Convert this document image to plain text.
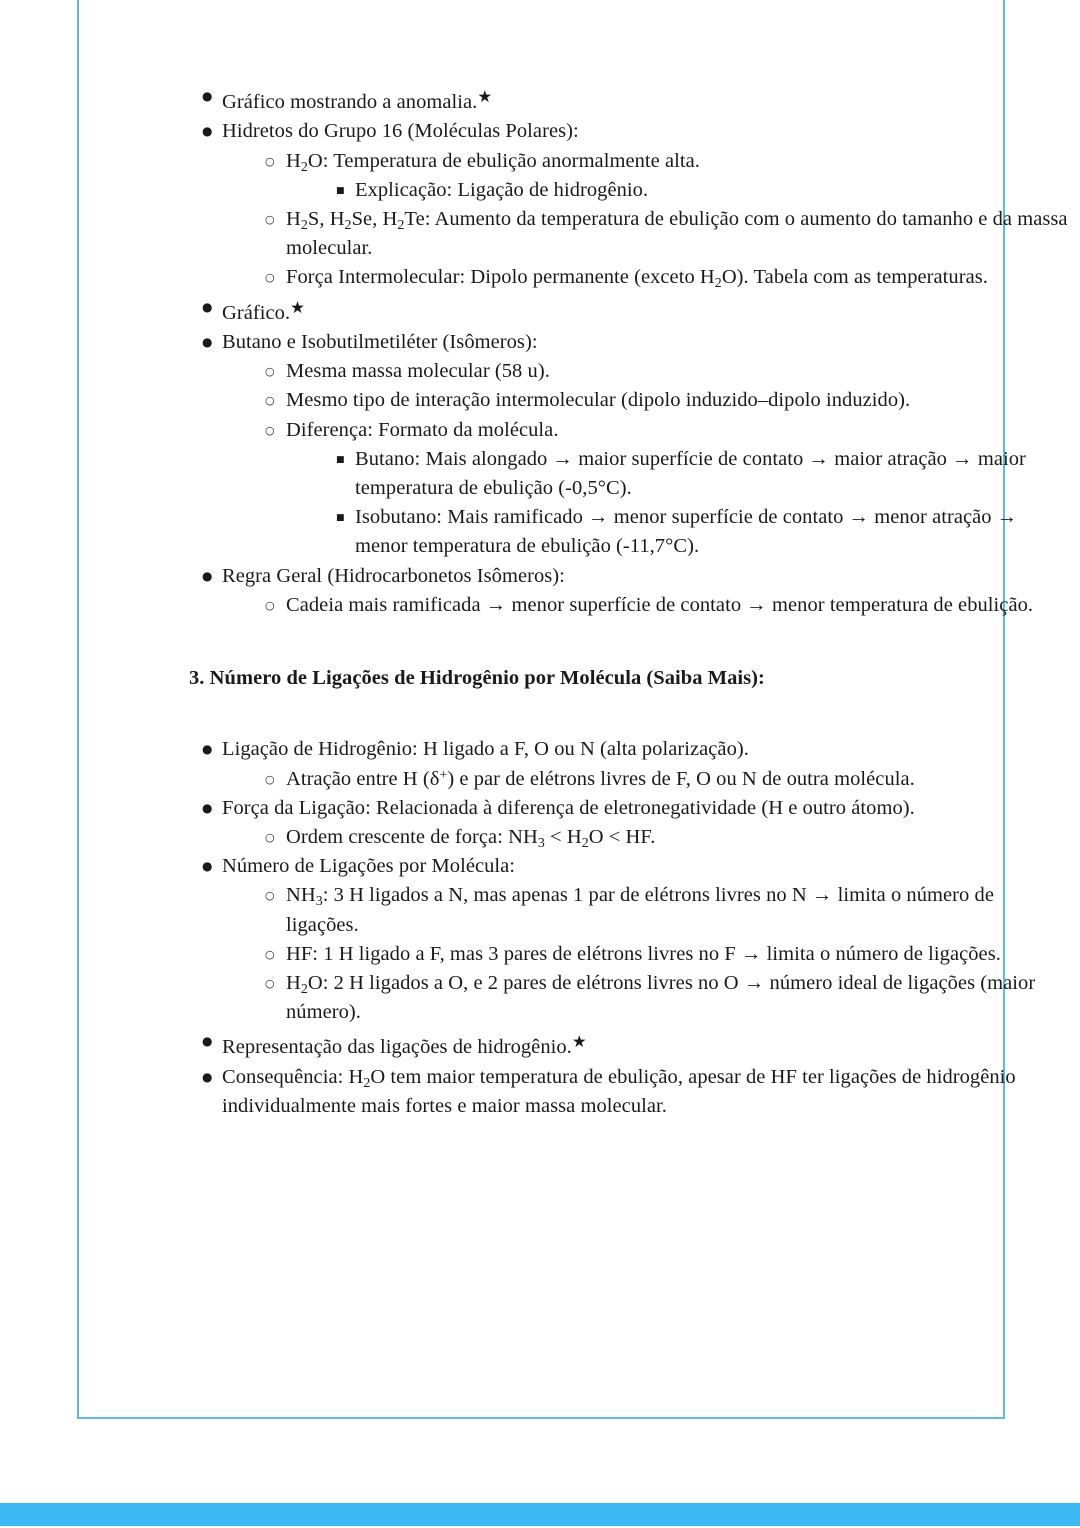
● Gráfico mostrando a anomalia.★
● Hidretos do Grupo 16 (Moléculas Polares):
○ $H_2O$: Temperatura de ebulição anormalmente alta.
■ Explicação: Ligação de hidrogênio.
○ $H_2S$, $H_2Se$, $H_2Te$: Aumento da temperatura de ebulição com o aumento do tamanho e da massa molecular.
○ Força Intermolecular: Dipolo permanente (exceto $H_2O$). Tabela com as temperaturas.
● Gráfico.★
● Butano e Isobutilmetiléter (Isômeros):
○ Mesma massa molecular (58 u).
○ Mesmo tipo de interação intermolecular (dipolo induzido–dipolo induzido).
○ Diferença: Formato da molécula.
■ Butano: Mais alongado → maior superfície de contato → maior atração → maior temperatura de ebulição (-0,5°C).
■ Isobutano: Mais ramificado → menor superfície de contato → menor atração → menor temperatura de ebulição (-11,7°C).
● Regra Geral (Hidrocarbonetos Isômeros):
○ Cadeia mais ramificada → menor superfície de contato → menor temperatura de ebulição.
3. Número de Ligações de Hidrogênio por Molécula (Saiba Mais):
● Ligação de Hidrogênio: H ligado a F, O ou N (alta polarização).
○ Atração entre H (δ+) e par de elétrons livres de F, O ou N de outra molécula.
● Força da Ligação: Relacionada à diferença de eletronegatividade (H e outro átomo).
○ Ordem crescente de força: $NH_3 < H_2O$ < HF.
● Número de Ligações por Molécula:
○ $NH_3$: 3 H ligados a N, mas apenas 1 par de elétrons livres no N → limita o número de ligações.
○ HF: 1 H ligado a F, mas 3 pares de elétrons livres no F → limita o número de ligações.
○ $H_2O$: 2 H ligados a O, e 2 pares de elétrons livres no O → número ideal de ligações (maior número).
● Representação das ligações de hidrogênio.★
● Consequência: $H_2O$ tem maior temperatura de ebulição, apesar de HF ter ligações de hidrogênio individualmente mais fortes e maior massa molecular.
